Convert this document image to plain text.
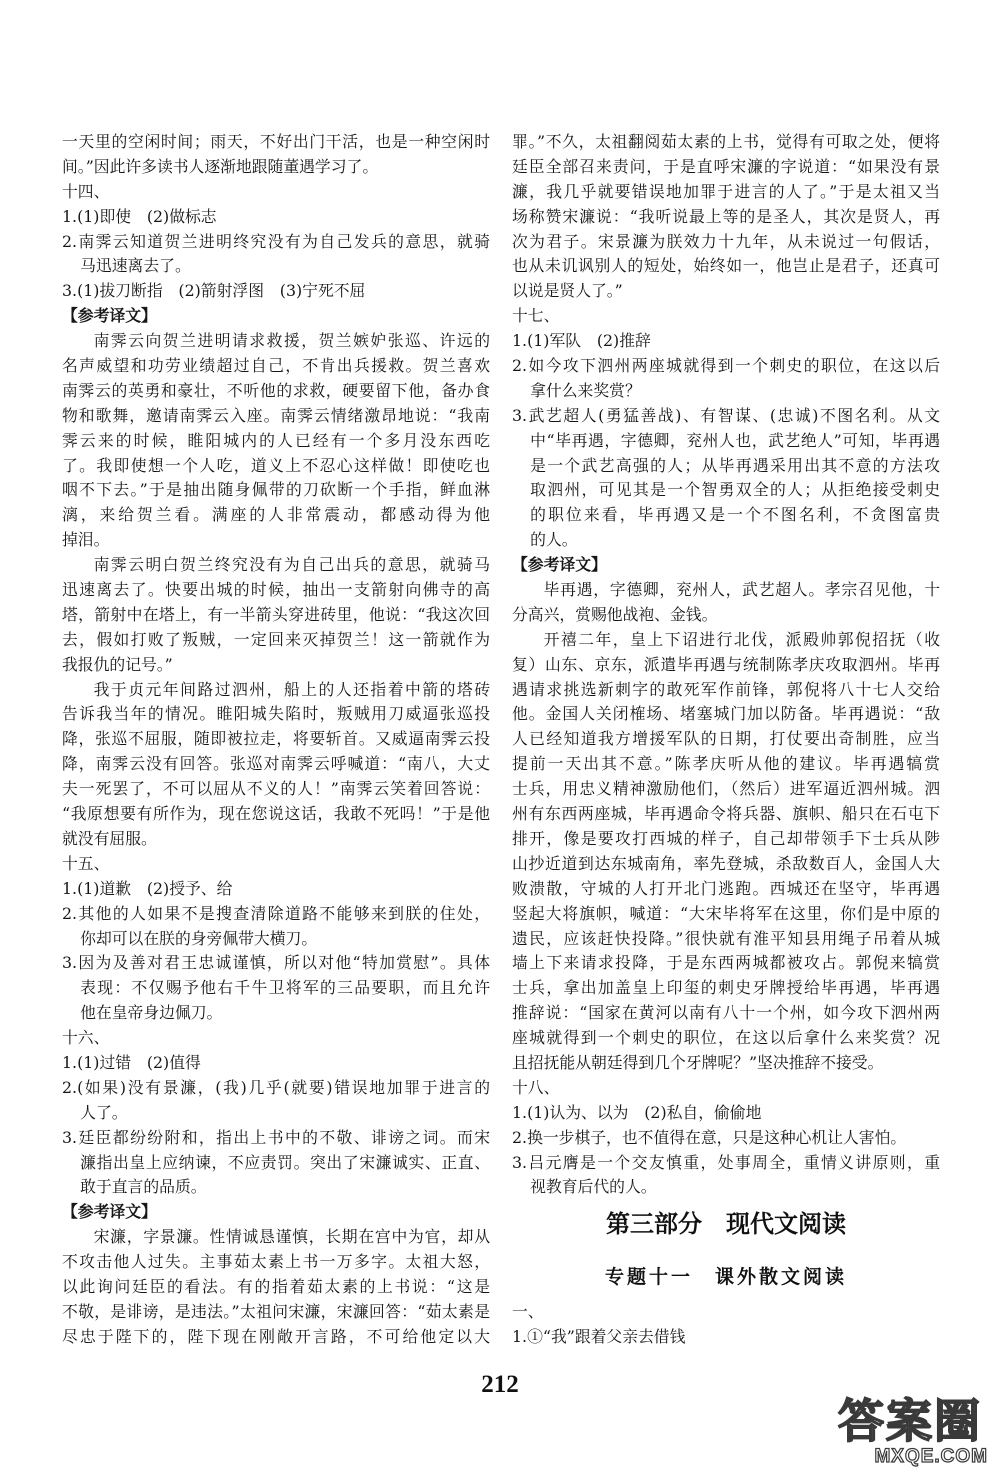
一天里的空闲时间；雨天，不好出门干活，也是一种空闲时
间。”因此许多读书人逐渐地跟随董遇学习了。
十四、
1.(1)即使　(2)做标志
2.南霁云知道贺兰进明终究没有为自己发兵的意思，就骑
马迅速离去了。
3.(1)拔刀断指　(2)箭射浮图　(3)宁死不屈
【参考译文】
南霁云向贺兰进明请求救援，贺兰嫉妒张巡、许远的
名声威望和功劳业绩超过自己，不肯出兵援救。贺兰喜欢
南霁云的英勇和豪壮，不听他的求救，硬要留下他，备办食
物和歌舞，邀请南霁云入座。南霁云情绪激昂地说：“我南
霁云来的时候，睢阳城内的人已经有一个多月没东西吃
了。我即使想一个人吃，道义上不忍心这样做！即使吃也
咽不下去。”于是抽出随身佩带的刀砍断一个手指，鲜血淋
漓，来给贺兰看。满座的人非常震动，都感动得为他
掉泪。
南霁云明白贺兰终究没有为自己出兵的意思，就骑马
迅速离去了。快要出城的时候，抽出一支箭射向佛寺的高
塔，箭射中在塔上，有一半箭头穿进砖里，他说：“我这次回
去，假如打败了叛贼，一定回来灭掉贺兰！这一箭就作为
我报仇的记号。”
我于贞元年间路过泗州，船上的人还指着中箭的塔砖
告诉我当年的情况。睢阳城失陷时，叛贼用刀威逼张巡投
降，张巡不屈服，随即被拉走，将要斩首。又威逼南霁云投
降，南霁云没有回答。张巡对南霁云呼喊道：“南八，大丈
夫一死罢了，不可以屈从不义的人！”南霁云笑着回答说：
“我原想要有所作为，现在您说这话，我敢不死吗！”于是他
就没有屈服。
十五、
1.(1)道歉　(2)授予、给
2.其他的人如果不是搜查清除道路不能够来到朕的住处，
你却可以在朕的身旁佩带大横刀。
3.因为及善对君王忠诚谨慎，所以对他“特加赏慰”。具体
表现：不仅赐予他右千牛卫将军的三品要职，而且允许
他在皇帝身边佩刀。
十六、
1.(1)过错　(2)值得
2.(如果)没有景濂，(我)几乎(就要)错误地加罪于进言的
人了。
3.廷臣都纷纷附和，指出上书中的不敬、诽谤之词。而宋
濂指出皇上应纳谏，不应责罚。突出了宋濂诚实、正直、
敢于直言的品质。
【参考译文】
宋濂，字景濂。性情诚恳谨慎，长期在宫中为官，却从
不攻击他人过失。主事茹太素上书一万多字。太祖大怒，
以此询问廷臣的看法。有的指着茹太素的上书说：“这是
不敬，是诽谤，是违法。”太祖问宋濂，宋濂回答：“茹太素是
尽忠于陛下的，陛下现在刚敞开言路，不可给他定以大
罪。”不久，太祖翻阅茹太素的上书，觉得有可取之处，便将
廷臣全部召来责问，于是直呼宋濂的字说道：“如果没有景
濂，我几乎就要错误地加罪于进言的人了。”于是太祖又当
场称赞宋濂说：“我听说最上等的是圣人，其次是贤人，再
次为君子。宋景濂为朕效力十九年，从未说过一句假话，
也从未讥讽别人的短处，始终如一，他岂止是君子，还真可
以说是贤人了。”
十七、
1.(1)军队　(2)推辞
2.如今攻下泗州两座城就得到一个刺史的职位，在这以后
拿什么来奖赏？
3.武艺超人(勇猛善战)、有智谋、(忠诚)不图名利。从文
中“毕再遇，字德卿，兖州人也，武艺绝人”可知，毕再遇
是一个武艺高强的人；从毕再遇采用出其不意的方法攻
取泗州，可见其是一个智勇双全的人；从拒绝接受刺史
的职位来看，毕再遇又是一个不图名利，不贪图富贵
的人。
【参考译文】
毕再遇，字德卿，兖州人，武艺超人。孝宗召见他，十
分高兴，赏赐他战袍、金钱。
开禧二年，皇上下诏进行北伐，派殿帅郭倪招抚（收
复）山东、京东，派遣毕再遇与统制陈孝庆攻取泗州。毕再
遇请求挑选新刺字的敢死军作前锋，郭倪将八十七人交给
他。金国人关闭榷场、堵塞城门加以防备。毕再遇说：“敌
人已经知道我方增援军队的日期，打仗要出奇制胜，应当
提前一天出其不意。”陈孝庆听从他的建议。毕再遇犒赏
士兵，用忠义精神激励他们，（然后）进军逼近泗州城。泗
州有东西两座城，毕再遇命令将兵器、旗帜、船只在石屯下
排开，像是要攻打西城的样子，自己却带领手下士兵从陟
山抄近道到达东城南角，率先登城，杀敌数百人，金国人大
败溃散，守城的人打开北门逃跑。西城还在坚守，毕再遇
竖起大将旗帜，喊道：“大宋毕将军在这里，你们是中原的
遗民，应该赶快投降。”很快就有淮平知县用绳子吊着从城
墙上下来请求投降，于是东西两城都被攻占。郭倪来犒赏
士兵，拿出加盖皇上印玺的刺史牙牌授给毕再遇，毕再遇
推辞说：“国家在黄河以南有八十一个州，如今攻下泗州两
座城就得到一个刺史的职位，在这以后拿什么来奖赏？况
且招抚能从朝廷得到几个牙牌呢？”坚决推辞不接受。
十八、
1.(1)认为、以为　(2)私自，偷偷地
2.换一步棋子，也不值得在意，只是这种心机让人害怕。
3.吕元膺是一个交友慎重，处事周全，重情义讲原则，重
视教育后代的人。
第三部分　现代文阅读
专题十一　课外散文阅读
一、
1.①“我”跟着父亲去借钱
212
答案圈
MXQE.COM
